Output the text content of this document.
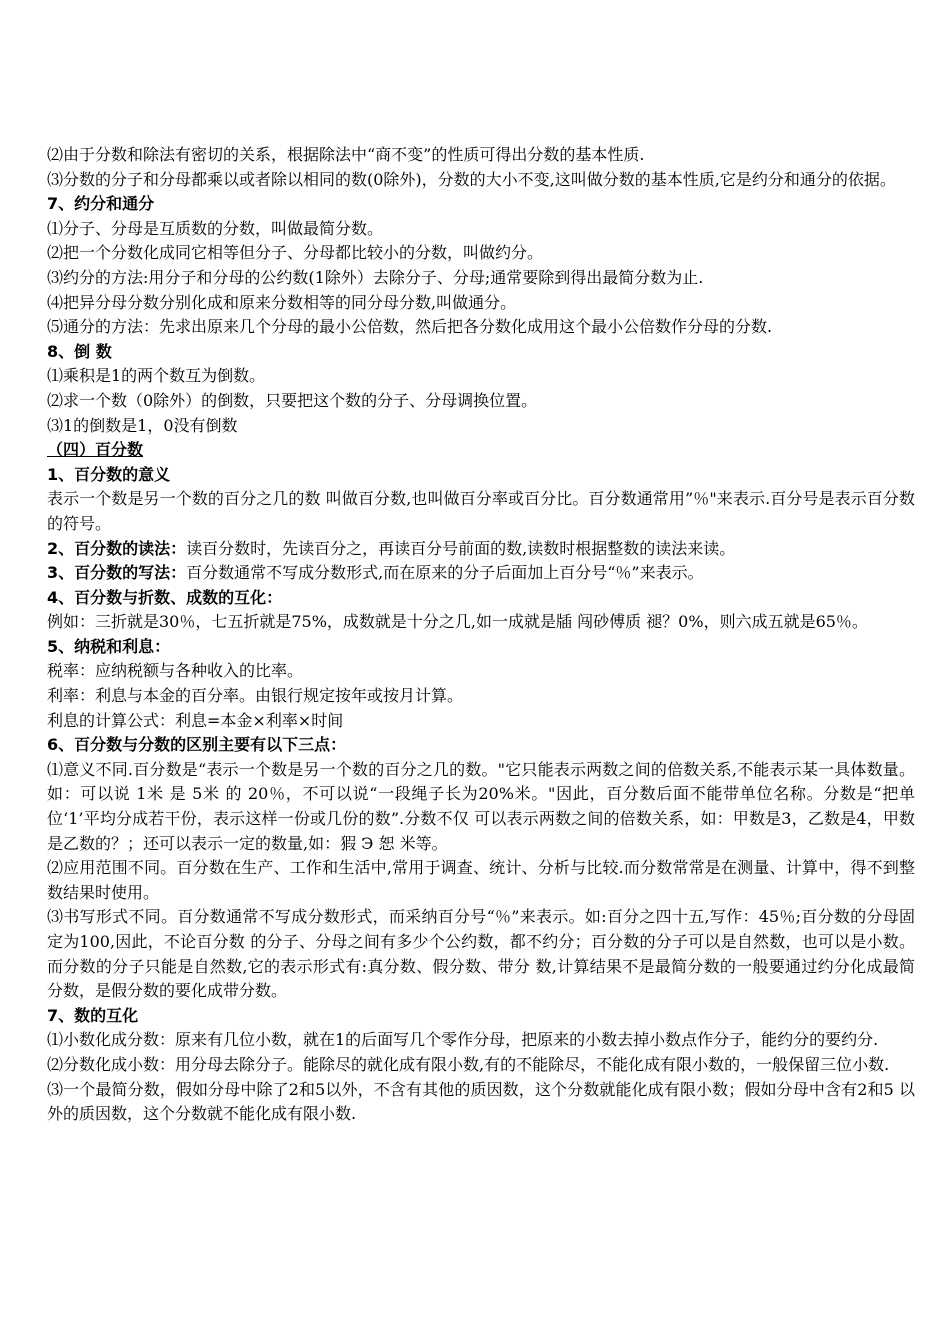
⑵由于分数和除法有密切的关系，根据除法中“商不变”的性质可得出分数的基本性质.

⑶分数的分子和分母都乘以或者除以相同的数(0除外)，分数的大小不变,这叫做分数的基本性质,它是约分和通分的依据。

7、约分和通分

⑴分子、分母是互质数的分数，叫做最简分数。

⑵把一个分数化成同它相等但分子、分母都比较小的分数，叫做约分。

⑶约分的方法:用分子和分母的公约数(1除外）去除分子、分母;通常要除到得出最简分数为止.

⑷把异分母分数分别化成和原来分数相等的同分母分数,叫做通分。

⑸通分的方法：先求出原来几个分母的最小公倍数，然后把各分数化成用这个最小公倍数作分母的分数.

8、倒 数

⑴乘积是1的两个数互为倒数。

⑵求一个数（0除外）的倒数，只要把这个数的分子、分母调换位置。

⑶1的倒数是1，0没有倒数

（四）百分数

1、百分数的意义

表示一个数是另一个数的百分之几的数 叫做百分数,也叫做百分率或百分比。百分数通常用”％"来表示.百分号是表示百分数的符号。

2、百分数的读法：读百分数时，先读百分之，再读百分号前面的数,读数时根据整数的读法来读。

3、百分数的写法：百分数通常不写成分数形式,而在原来的分子后面加上百分号“％”来表示。

4、百分数与折数、成数的互化：

例如：三折就是30％，七五折就是75%，成数就是十分之几,如一成就是牐 闯砂傅质 褪？0%，则六成五就是65％。

5、纳税和利息：

税率：应纳税额与各种收入的比率。

利率：利息与本金的百分率。由银行规定按年或按月计算。

利息的计算公式：利息=本金×利率×时间

6、百分数与分数的区别主要有以下三点：

⑴意义不同.百分数是“表示一个数是另一个数的百分之几的数。"它只能表示两数之间的倍数关系,不能表示某一具体数量。如：可以说 1米 是 5米 的 20％，不可以说“一段绳子长为20%米。"因此，百分数后面不能带单位名称。分数是“把单位‘1’平均分成若干份，表示这样一份或几份的数”.分数不仅 可以表示两数之间的倍数关系，如：甲数是3，乙数是4，甲数是乙数的？；还可以表示一定的数量,如：猳 Э 恕 米等。

⑵应用范围不同。百分数在生产、工作和生活中,常用于调查、统计、分析与比较.而分数常常是在测量、计算中，得不到整数结果时使用。

⑶书写形式不同。百分数通常不写成分数形式，而采纳百分号“％”来表示。如:百分之四十五,写作：45％;百分数的分母固定为100,因此，不论百分数 的分子、分母之间有多少个公约数，都不约分；百分数的分子可以是自然数，也可以是小数。而分数的分子只能是自然数,它的表示形式有:真分数、假分数、带分 数,计算结果不是最简分数的一般要通过约分化成最简分数，是假分数的要化成带分数。

7、数的互化

⑴小数化成分数：原来有几位小数，就在1的后面写几个零作分母，把原来的小数去掉小数点作分子，能约分的要约分.

⑵分数化成小数：用分母去除分子。能除尽的就化成有限小数,有的不能除尽，不能化成有限小数的，一般保留三位小数.

⑶一个最简分数，假如分母中除了2和5以外，不含有其他的质因数，这个分数就能化成有限小数；假如分母中含有2和5 以外的质因数，这个分数就不能化成有限小数.
